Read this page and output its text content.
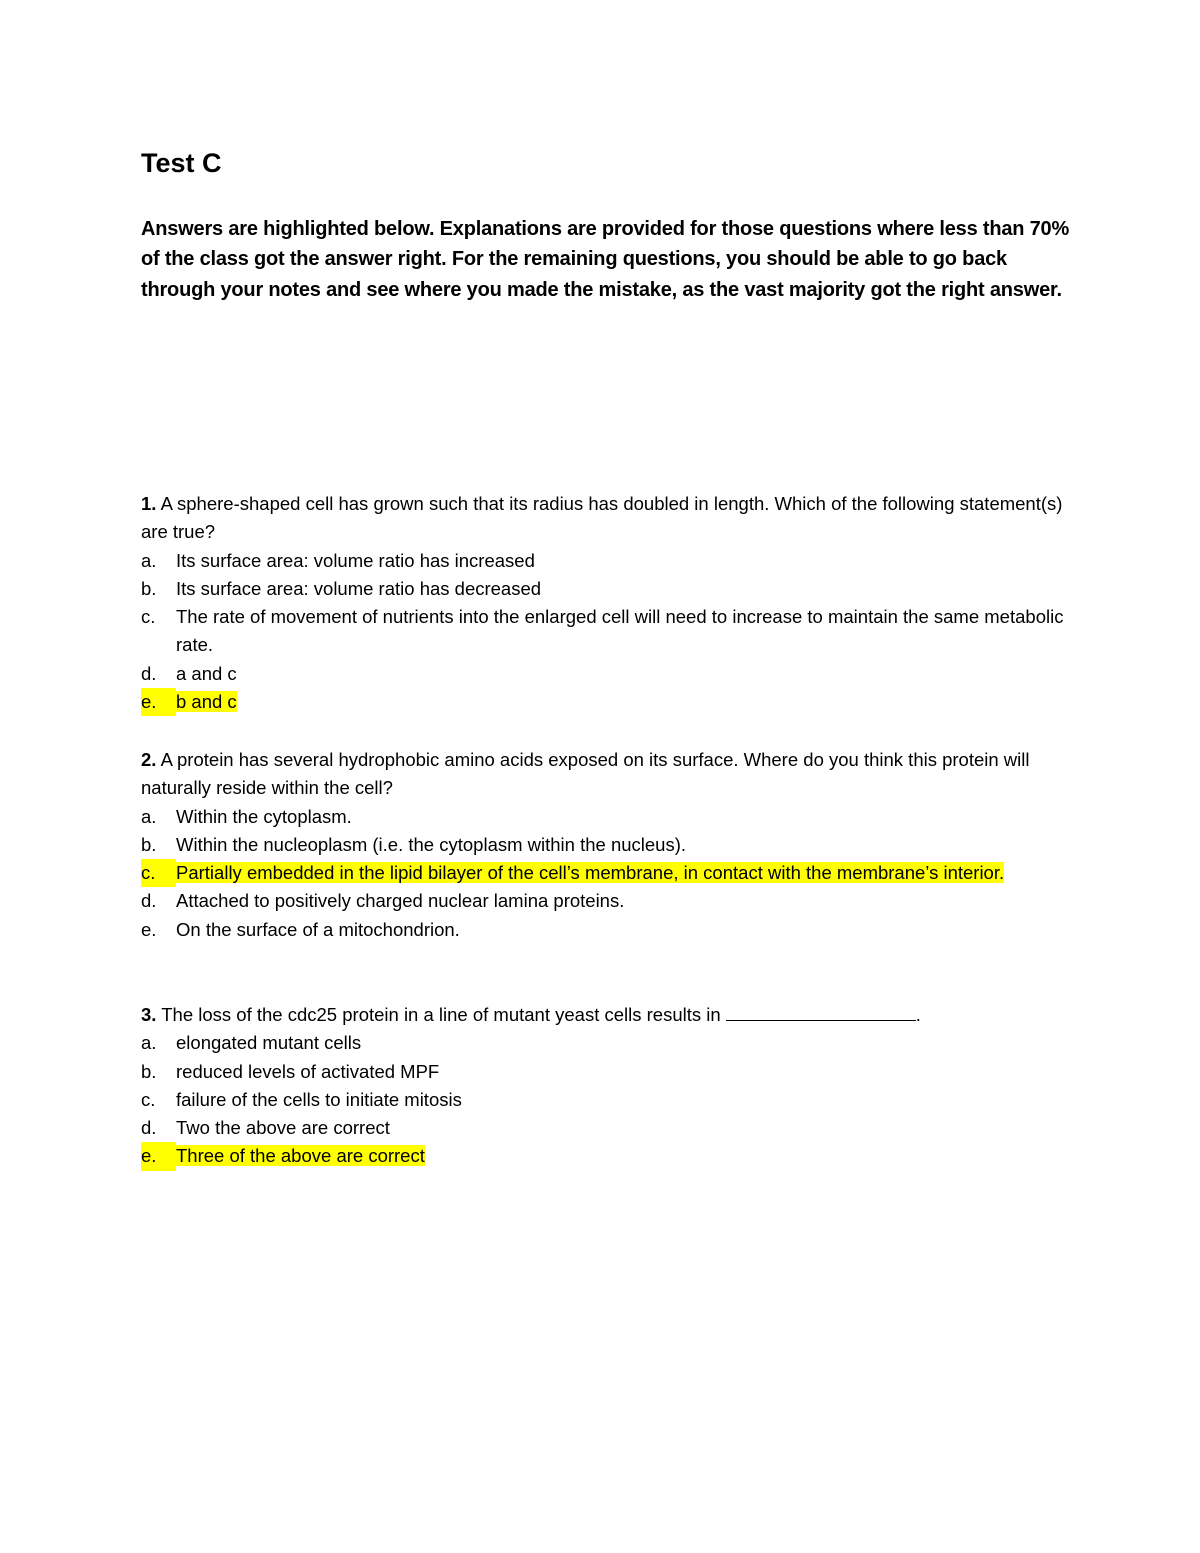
Test C

Answers are highlighted below. Explanations are provided for those questions where less than 70% of the class got the answer right. For the remaining questions, you should be able to go back through your notes and see where you made the mistake, as the vast majority got the right answer.

1. A sphere-shaped cell has grown such that its radius has doubled in length. Which of the following statement(s) are true?

a.	Its surface area: volume ratio has increased
b.	Its surface area: volume ratio has decreased
c.	The rate of movement of nutrients into the enlarged cell will need to increase to maintain the same metabolic rate.
d.	a and c
e.	b and c

2. A protein has several hydrophobic amino acids exposed on its surface. Where do you think this protein will naturally reside within the cell?

a.	Within the cytoplasm.
b.	Within the nucleoplasm (i.e. the cytoplasm within the nucleus).
c.	Partially embedded in the lipid bilayer of the cell’s membrane, in contact with the membrane’s interior.
d.	Attached to positively charged nuclear lamina proteins.
e.	On the surface of a mitochondrion.

3. The loss of the cdc25 protein in a line of mutant yeast cells results in	.

a.	elongated mutant cells
b.	reduced levels of activated MPF
c.	failure of the cells to initiate mitosis
d.	Two the above are correct
e.	Three of the above are correct
